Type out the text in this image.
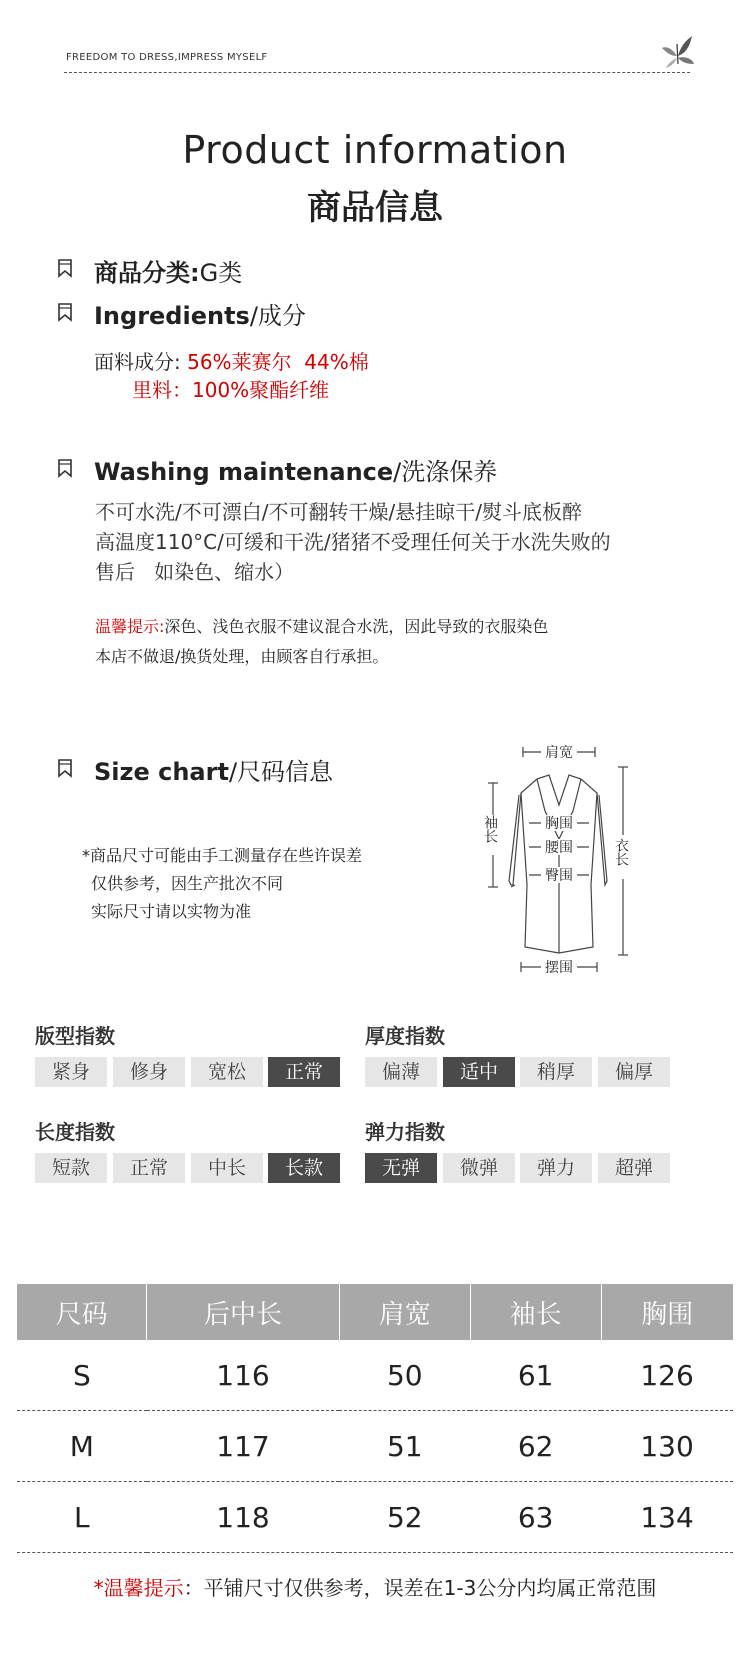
FREEDOM TO DRESS,IMPRESS MYSELF
Product information
商品信息
商品分类:G类
Ingredients/成分
面料成分: 56%莱赛尔  44%棉
里料：100%聚酯纤维
Washing maintenance/洗涤保养
不可水洗/不可漂白/不可翻转干燥/悬挂晾干/熨斗底板醉
高温度110°C/可缓和干洗/猪猪不受理任何关于水洗失败的
售后   如染色、缩水）
温馨提示:深色、浅色衣服不建议混合水洗，因此导致的衣服染色
本店不做退/换货处理，由顾客自行承担。
Size chart/尺码信息
*商品尺寸可能由手工测量存在些许误差
仅供参考，因生产批次不同
实际尺寸请以实物为准
肩宽
胸围
腰围
臀围
摆围
袖长
衣长
版型指数	厚度指数
长度指数	弹力指数
紧身	修身	宽松	正常	偏薄	适中	稍厚	偏厚
短款	正常	中长	长款	无弹	微弹	弹力	超弹
尺码	后中长	肩宽	袖长	胸围
S	116	50	61	126
M	117	51	62	130
L	118	52	63	134
*温馨提示：平铺尺寸仅供参考，误差在1-3公分内均属正常范围
